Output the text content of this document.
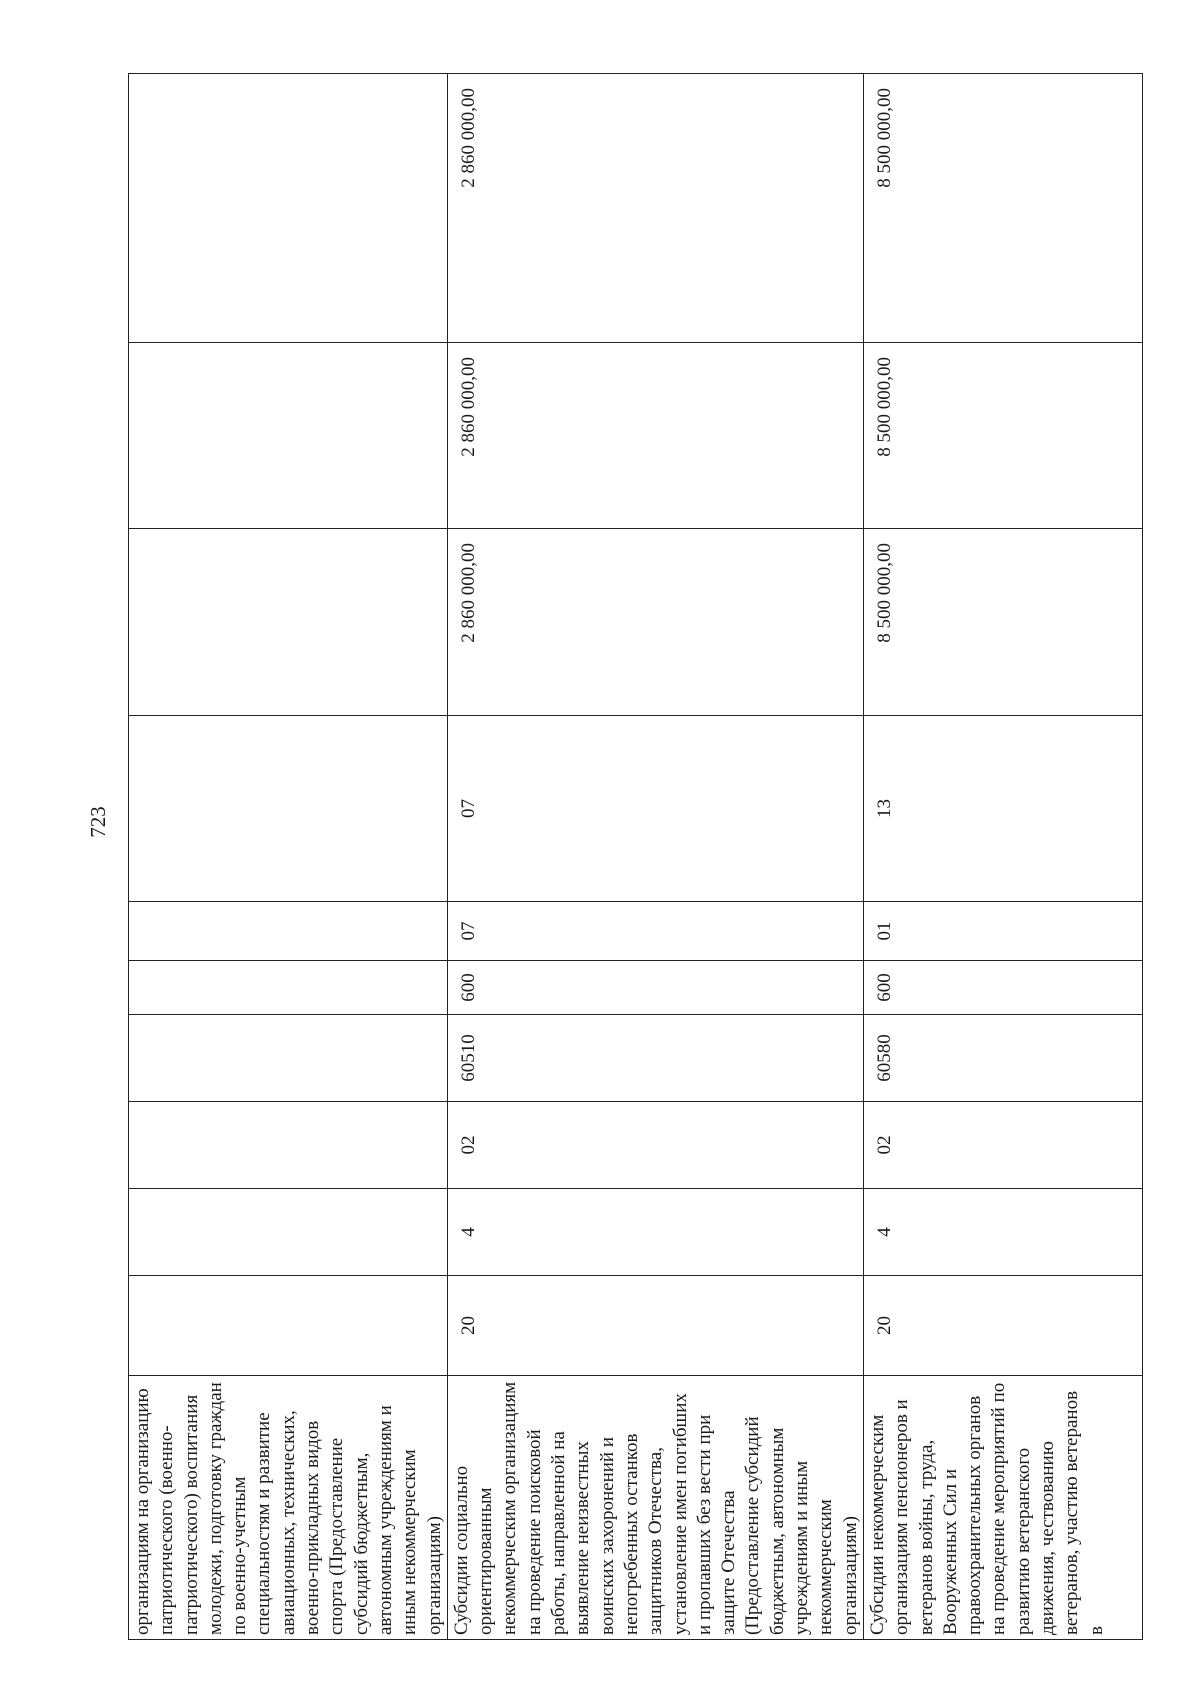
723
организациям на организацию патриотического (военно-патриотического) воспитания молодежи, подготовку граждан по военно-учетным специальностям и развитие авиационных, технических, военно-прикладных видов спорта (Предоставление субсидий бюджетным, автономным учреждениям и иным некоммерческим организациям)										
Субсидии социально ориентированным некоммерческим организациям на проведение поисковой работы, направленной на выявление неизвестных воинских захоронений и непогребенных останков защитников Отечества, установление имен погибших и пропавших без вести при защите Отечества (Предоставление субсидий бюджетным, автономным учреждениям и иным некоммерческим организациям)	20	4	02	60510	600	07	07	2 860 000,00	2 860 000,00	2 860 000,00
Субсидии некоммерческим организациям пенсионеров и ветеранов войны, труда, Вооруженных Сил и правоохранительных органов на проведение мероприятий по развитию ветеранского движения, чествованию ветеранов, участию ветеранов в	20	4	02	60580	600	01	13	8 500 000,00	8 500 000,00	8 500 000,00
